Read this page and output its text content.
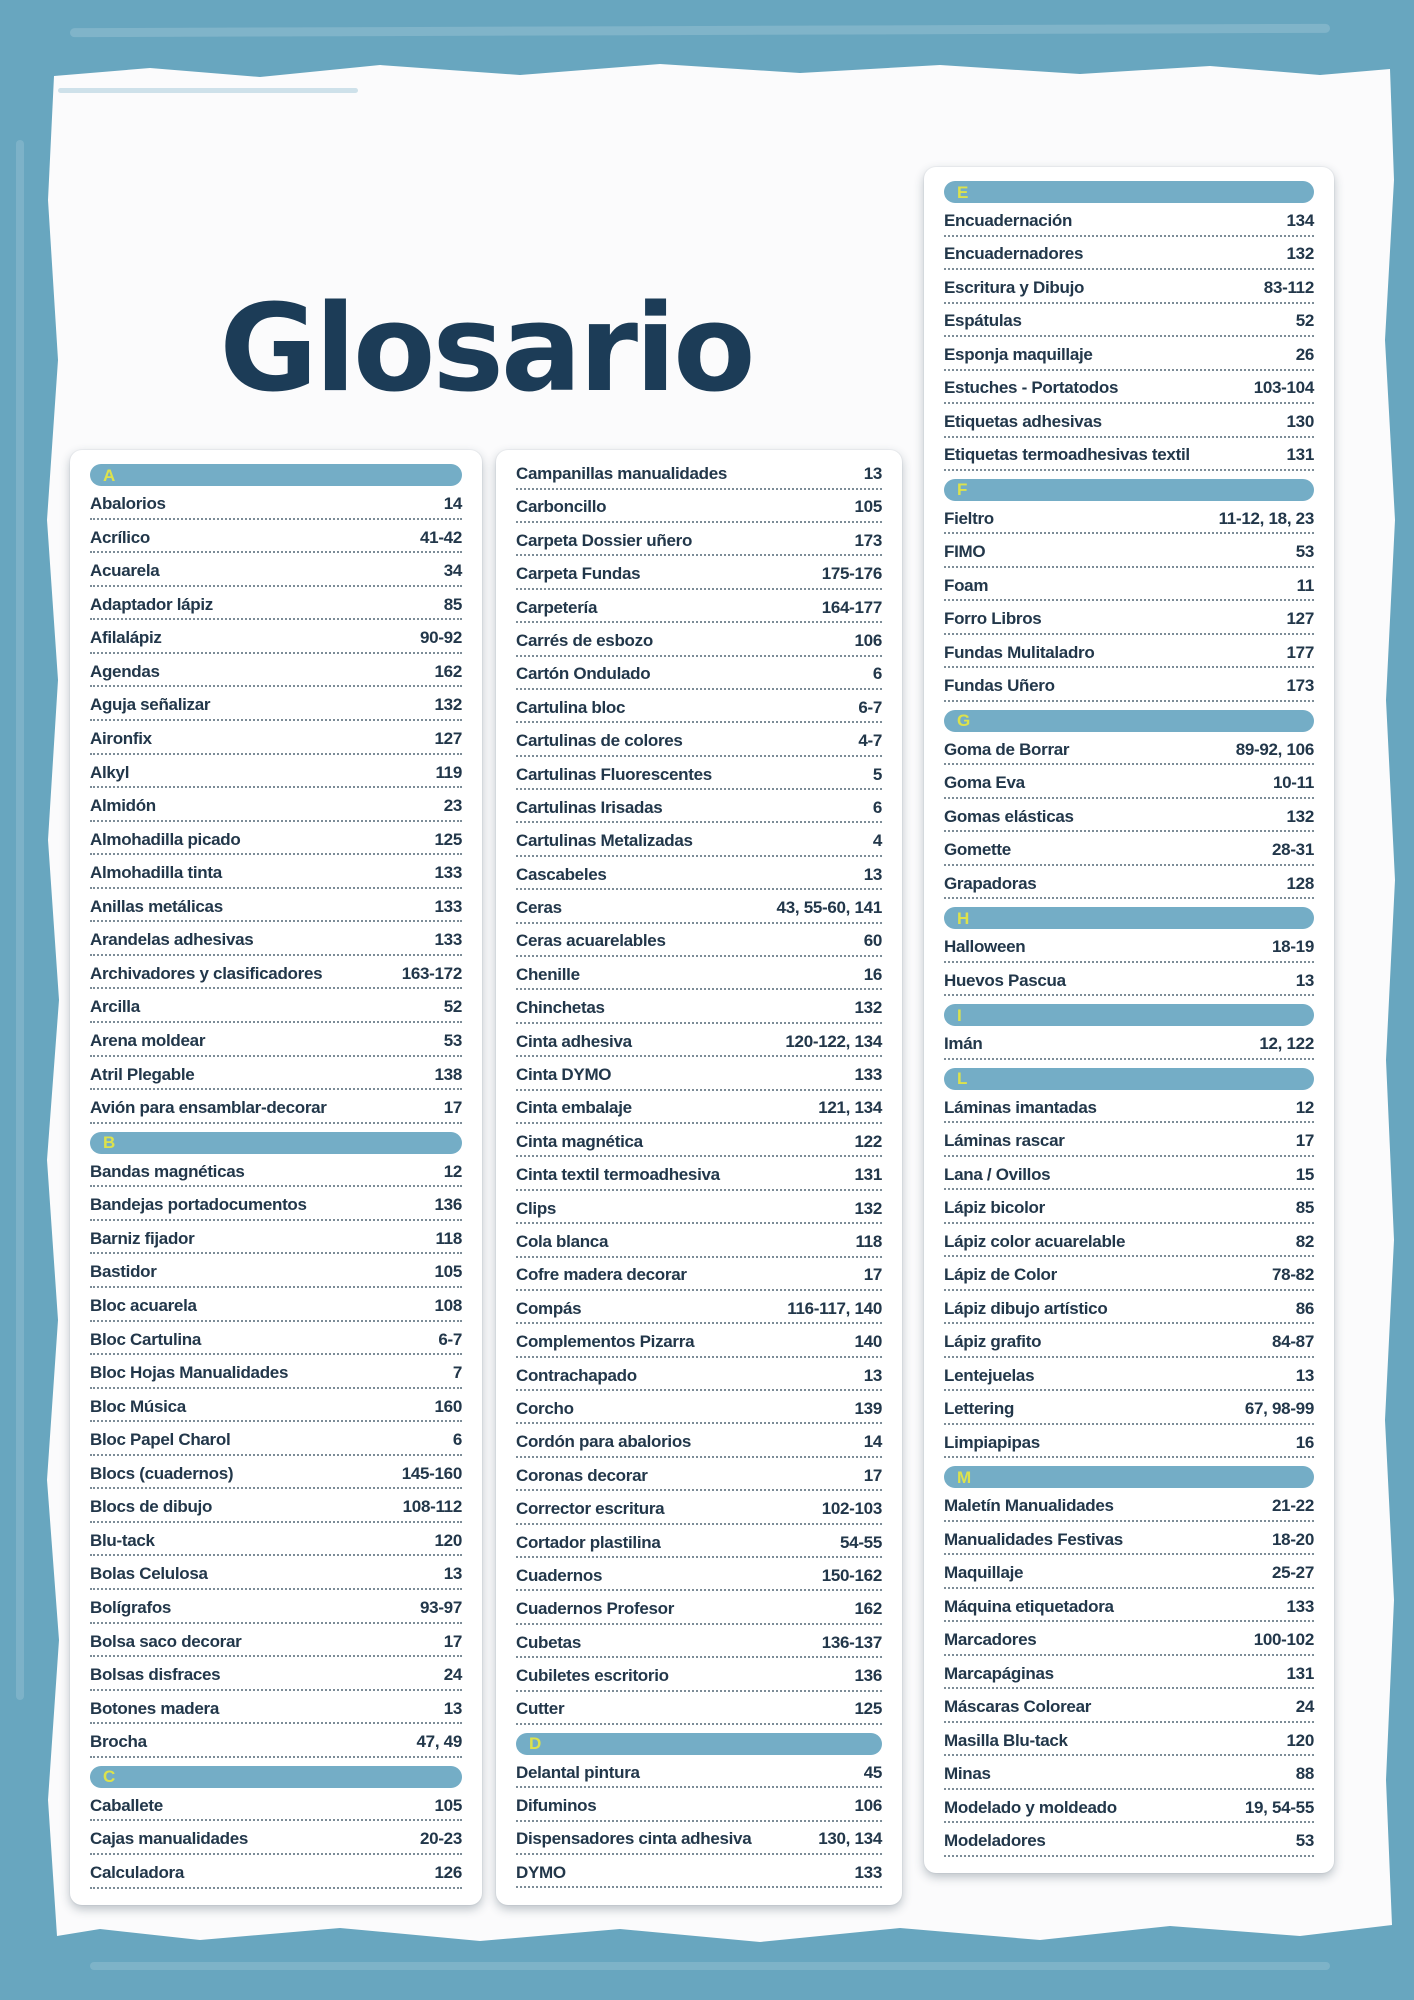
Glosario
A
Abalorios	14
Acrílico	41-42
Acuarela	34
Adaptador lápiz	85
Afilalápiz	90-92
Agendas	162
Aguja señalizar	132
Aironfix	127
Alkyl	119
Almidón	23
Almohadilla picado	125
Almohadilla tinta	133
Anillas metálicas	133
Arandelas adhesivas	133
Archivadores y clasificadores	163-172
Arcilla	52
Arena moldear	53
Atril Plegable	138
Avión para ensamblar-decorar	17
B
Bandas magnéticas	12
Bandejas portadocumentos	136
Barniz fijador	118
Bastidor	105
Bloc acuarela	108
Bloc Cartulina	6-7
Bloc Hojas Manualidades	7
Bloc Música	160
Bloc Papel Charol	6
Blocs (cuadernos)	145-160
Blocs de dibujo	108-112
Blu-tack	120
Bolas Celulosa	13
Bolígrafos	93-97
Bolsa saco decorar	17
Bolsas disfraces	24
Botones madera	13
Brocha	47, 49
C
Caballete	105
Cajas manualidades	20-23
Calculadora	126
Campanillas manualidades	13
Carboncillo	105
Carpeta Dossier uñero	173
Carpeta Fundas	175-176
Carpetería	164-177
Carrés de esbozo	106
Cartón Ondulado	6
Cartulina bloc	6-7
Cartulinas de colores	4-7
Cartulinas Fluorescentes	5
Cartulinas Irisadas	6
Cartulinas Metalizadas	4
Cascabeles	13
Ceras	43, 55-60, 141
Ceras acuarelables	60
Chenille	16
Chinchetas	132
Cinta adhesiva	120-122, 134
Cinta DYMO	133
Cinta embalaje	121, 134
Cinta magnética	122
Cinta textil termoadhesiva	131
Clips	132
Cola blanca	118
Cofre madera decorar	17
Compás	116-117, 140
Complementos Pizarra	140
Contrachapado	13
Corcho	139
Cordón para abalorios	14
Coronas decorar	17
Corrector escritura	102-103
Cortador plastilina	54-55
Cuadernos	150-162
Cuadernos Profesor	162
Cubetas	136-137
Cubiletes escritorio	136
Cutter	125
D
Delantal pintura	45
Difuminos	106
Dispensadores cinta adhesiva	130, 134
DYMO	133
E
Encuadernación	134
Encuadernadores	132
Escritura y Dibujo	83-112
Espátulas	52
Esponja maquillaje	26
Estuches - Portatodos	103-104
Etiquetas adhesivas	130
Etiquetas termoadhesivas textil	131
F
Fieltro	11-12, 18, 23
FIMO	53
Foam	11
Forro Libros	127
Fundas Mulitaladro	177
Fundas Uñero	173
G
Goma de Borrar	89-92, 106
Goma Eva	10-11
Gomas elásticas	132
Gomette	28-31
Grapadoras	128
H
Halloween	18-19
Huevos Pascua	13
I
Imán	12, 122
L
Láminas imantadas	12
Láminas rascar	17
Lana / Ovillos	15
Lápiz bicolor	85
Lápiz color acuarelable	82
Lápiz de Color	78-82
Lápiz dibujo artístico	86
Lápiz grafito	84-87
Lentejuelas	13
Lettering	67, 98-99
Limpiapipas	16
M
Maletín Manualidades	21-22
Manualidades Festivas	18-20
Maquillaje	25-27
Máquina etiquetadora	133
Marcadores	100-102
Marcapáginas	131
Máscaras Colorear	24
Masilla Blu-tack	120
Minas	88
Modelado y moldeado	19, 54-55
Modeladores	53
